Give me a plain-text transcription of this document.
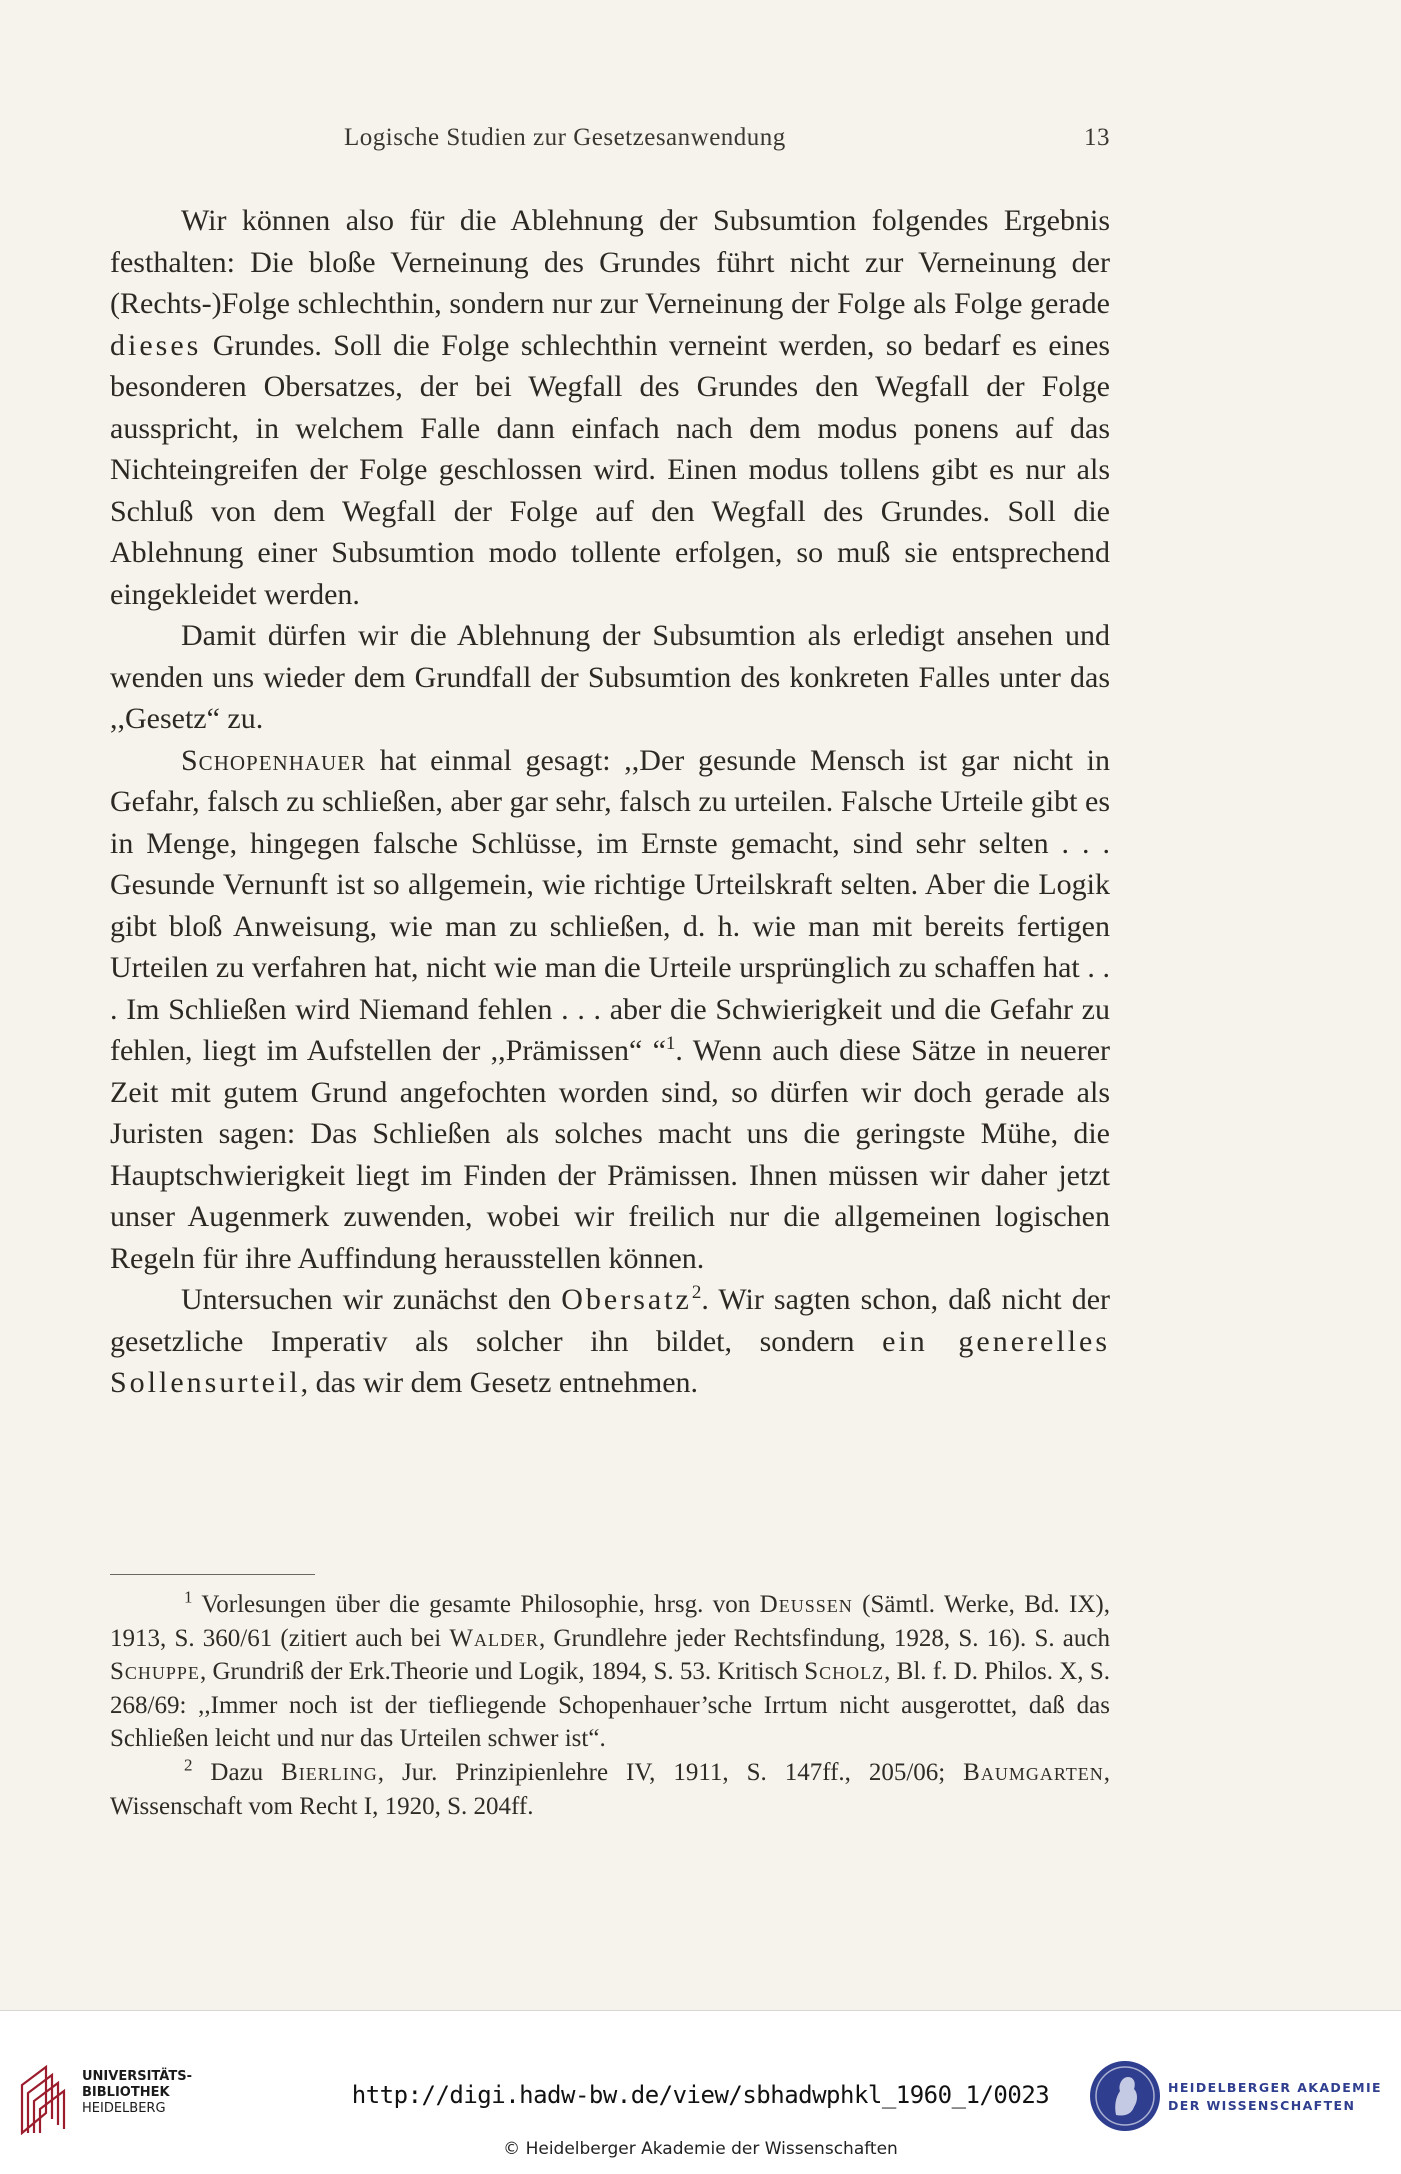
Logische Studien zur Gesetzesanwendung	13

Wir können also für die Ablehnung der Subsumtion folgendes Ergebnis festhalten: Die bloße Verneinung des Grundes führt nicht zur Verneinung der (Rechts-)Folge schlechthin, sondern nur zur Verneinung der Folge als Folge gerade dieses Grundes. Soll die Folge schlechthin verneint werden, so bedarf es eines besonderen Obersatzes, der bei Wegfall des Grundes den Wegfall der Folge ausspricht, in welchem Falle dann einfach nach dem modus ponens auf das Nichteingreifen der Folge geschlossen wird. Einen modus tollens gibt es nur als Schluß von dem Wegfall der Folge auf den Wegfall des Grundes. Soll die Ablehnung einer Subsumtion modo tollente erfolgen, so muß sie entsprechend eingekleidet werden.

Damit dürfen wir die Ablehnung der Subsumtion als erledigt ansehen und wenden uns wieder dem Grundfall der Subsumtion des konkreten Falles unter das ,,Gesetz“ zu.

Schopenhauer hat einmal gesagt: ,,Der gesunde Mensch ist gar nicht in Gefahr, falsch zu schließen, aber gar sehr, falsch zu urteilen. Falsche Urteile gibt es in Menge, hingegen falsche Schlüsse, im Ernste gemacht, sind sehr selten . . . Gesunde Vernunft ist so allgemein, wie richtige Urteilskraft selten. Aber die Logik gibt bloß Anweisung, wie man zu schließen, d. h. wie man mit bereits fertigen Urteilen zu verfahren hat, nicht wie man die Urteile ursprünglich zu schaffen hat . . . Im Schließen wird Niemand fehlen . . . aber die Schwierigkeit und die Gefahr zu fehlen, liegt im Aufstellen der ,,Prämissen“ “$^1$. Wenn auch diese Sätze in neuerer Zeit mit gutem Grund angefochten worden sind, so dürfen wir doch gerade als Juristen sagen: Das Schließen als solches macht uns die geringste Mühe, die Hauptschwierigkeit liegt im Finden der Prämissen. Ihnen müssen wir daher jetzt unser Augenmerk zuwenden, wobei wir freilich nur die allgemeinen logischen Regeln für ihre Auffindung herausstellen können.

Untersuchen wir zunächst den Obersatz$^2$. Wir sagten schon, daß nicht der gesetzliche Imperativ als solcher ihn bildet, sondern ein generelles Sollensurteil, das wir dem Gesetz entnehmen.

$^1$ Vorlesungen über die gesamte Philosophie, hrsg. von Deussen (Sämtl. Werke, Bd. IX), 1913, S. 360/61 (zitiert auch bei Walder, Grundlehre jeder Rechtsfindung, 1928, S. 16). S. auch Schuppe, Grundriß der Erk.Theorie und Logik, 1894, S. 53. Kritisch Scholz, Bl. f. D. Philos. X, S. 268/69: ,,Immer noch ist der tiefliegende Schopenhauer’sche Irrtum nicht ausgerottet, daß das Schließen leicht und nur das Urteilen schwer ist“.

$^2$ Dazu Bierling, Jur. Prinzipienlehre IV, 1911, S. 147ff., 205/06; Baumgarten, Wissenschaft vom Recht I, 1920, S. 204ff.

UNIVERSITÄTS-
BIBLIOTHEK
HEIDELBERG	http://digi.hadw-bw.de/view/sbhadwphkl_1960_1/0023
© Heidelberger Akademie der Wissenschaften
HEIDELBERGER AKADEMIE
DER WISSENSCHAFTEN
